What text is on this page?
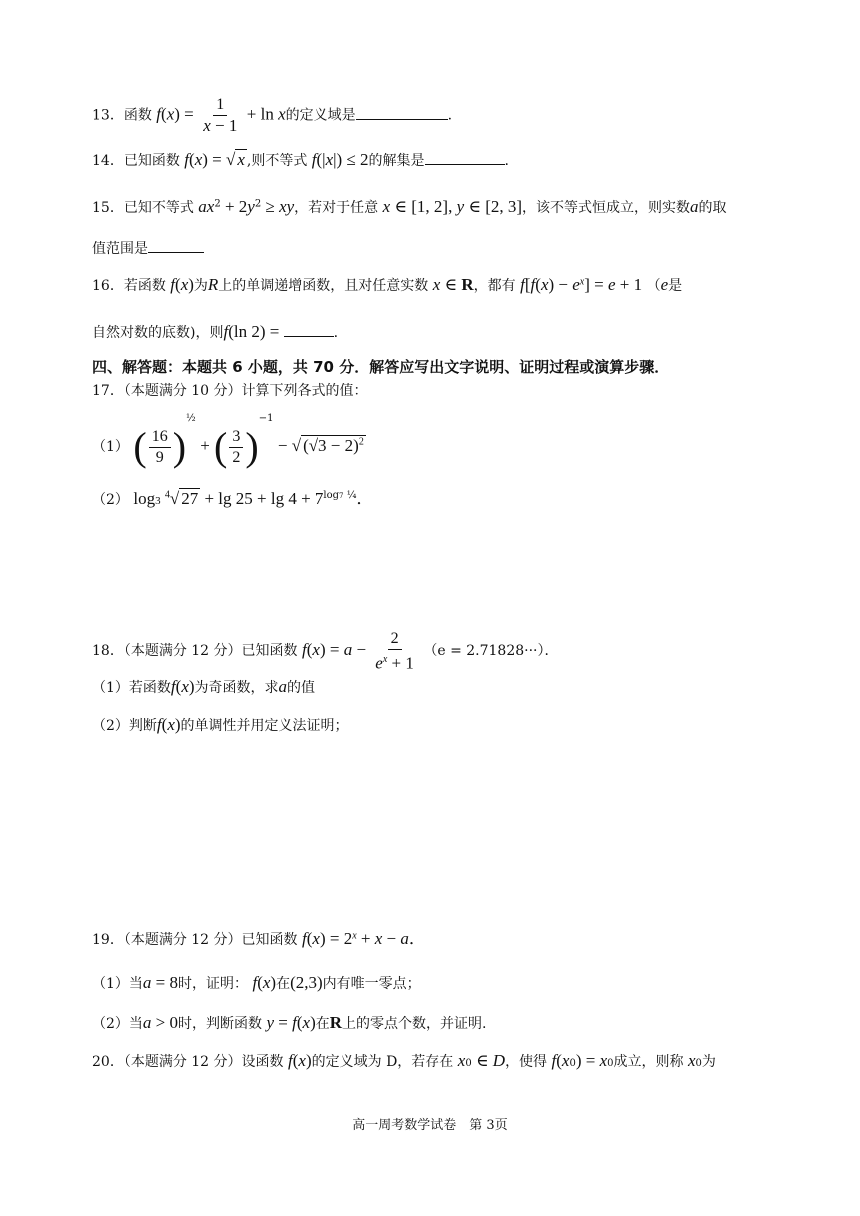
13．函数 $f(x) = \frac{1}{x - 1} + \ln x$的定义域是	.
14．已知函数 f(x) = √ x ,则不等式 f(|x|) ≤ 2的解集是	.
15．已知不等式 $ax^2 + 2y^2$ ≥ xy，若对于任意 x ∈ [1, 2], y ∈ [2, 3]，该不等式恒成立，则实数a的取
值范围是
16．若函数 f(x)为R上的单调递增函数，且对任意实数 x ∈ R，都有 $f[f(x) - e^x] = e + 1$ （e是
自然对数的底数)，则f(ln 2) =	.
四、解答题：本题共 6 小题，共 70 分．解答应写出文字说明、证明过程或演算步骤．
17．（本题满分 10 分）计算下列各式的值：
（1） ( $\frac{16}{9} )^{\frac{1}{2}}$ + ( $\frac{3}{2} )^{-1}$ − √ $(√3 - 2)^2$
（2） log3 $^4$√ $27 + \lg 25 + \lg 4 + 7^{log7 \frac{1}{4}}$．
18．（本题满分 12 分）已知函数 $f(x) = a - \frac{2}{e^x + 1} (e = 2.71828\cdot\cdot\cdot)$．
（1）若函数f(x)为奇函数，求a的值
（2）判断f(x)的单调性并用定义法证明；
19．（本题满分 12 分）已知函数 $f(x) = 2^x + x - a$．
（1）当a = 8时，证明： f(x)在(2,3)内有唯一零点；
（2）当a > 0时，判断函数 y = f(x)在R上的零点个数，并证明.
20．（本题满分 12 分）设函数 f(x)的定义域为 D，若存在 x0 ∈ D，使得 f(x0) = x0成立，则称 x0为
高一周考数学试卷　第 3页
